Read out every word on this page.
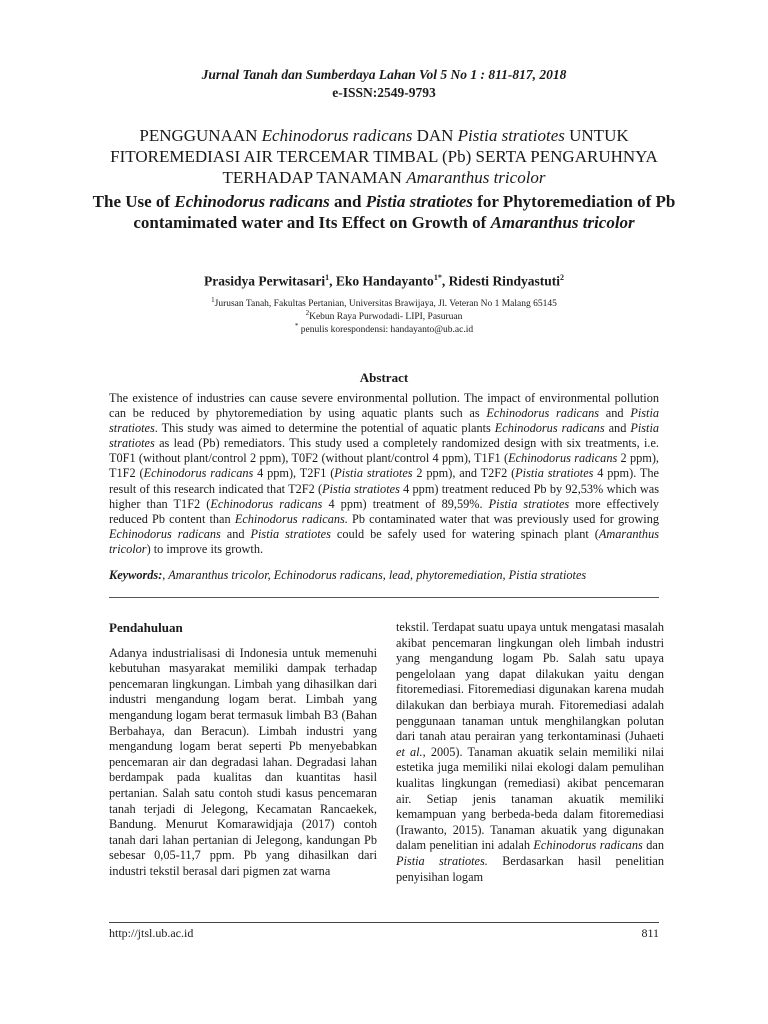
Jurnal Tanah dan Sumberdaya Lahan Vol 5 No 1 : 811-817, 2018
e-ISSN:2549-9793
PENGGUNAAN Echinodorus radicans DAN Pistia stratiotes UNTUK FITOREMEDIASI AIR TERCEMAR TIMBAL (Pb) SERTA PENGARUHNYA TERHADAP TANAMAN Amaranthus tricolor
The Use of Echinodorus radicans and Pistia stratiotes for Phytoremediation of Pb contamimated water and Its Effect on Growth of Amaranthus tricolor
Prasidya Perwitasari$^1$, Eko Handayanto$^{1*}$, Ridesti Rindyastuti$^2$
$^1$Jurusan Tanah, Fakultas Pertanian, Universitas Brawijaya, Jl. Veteran No 1 Malang 65145
$^2$Kebun Raya Purwodadi- LIPI, Pasuruan
* penulis korespondensi: handayanto@ub.ac.id
Abstract
The existence of industries can cause severe environmental pollution. The impact of environmental pollution can be reduced by phytoremediation by using aquatic plants such as Echinodorus radicans and Pistia stratiotes. This study was aimed to determine the potential of aquatic plants Echinodorus radicans and Pistia stratiotes as lead (Pb) remediators. This study used a completely randomized design with six treatments, i.e. T0F1 (without plant/control 2 ppm), T0F2 (without plant/control 4 ppm), T1F1 (Echinodorus radicans 2 ppm), T1F2 (Echinodorus radicans 4 ppm), T2F1 (Pistia stratiotes 2 ppm), and T2F2 (Pistia stratiotes 4 ppm). The result of this research indicated that T2F2 (Pistia stratiotes 4 ppm) treatment reduced Pb by 92,53% which was higher than T1F2 (Echinodorus radicans 4 ppm) treatment of 89,59%. Pistia stratiotes more effectively reduced Pb content than Echinodorus radicans. Pb contaminated water that was previously used for growing Echinodorus radicans and Pistia stratiotes could be safely used for watering spinach plant (Amaranthus tricolor) to improve its growth.
Keywords:, Amaranthus tricolor, Echinodorus radicans, lead, phytoremediation, Pistia stratiotes
Pendahuluan

Adanya industrialisasi di Indonesia untuk memenuhi kebutuhan masyarakat memiliki dampak terhadap pencemaran lingkungan. Limbah yang dihasilkan dari industri mengandung logam berat. Limbah yang mengandung logam berat termasuk limbah B3 (Bahan Berbahaya, dan Beracun). Limbah industri yang mengandung logam berat seperti Pb menyebabkan pencemaran air dan degradasi lahan. Degradasi lahan berdampak pada kualitas dan kuantitas hasil pertanian. Salah satu contoh studi kasus pencemaran tanah terjadi di Jelegong, Kecamatan Rancaekek, Bandung. Menurut Komarawidjaja (2017) contoh tanah dari lahan pertanian di Jelegong, kandungan Pb sebesar 0,05-11,7 ppm. Pb yang dihasilkan dari industri tekstil berasal dari pigmen zat warna

tekstil. Terdapat suatu upaya untuk mengatasi masalah akibat pencemaran lingkungan oleh limbah industri yang mengandung logam Pb. Salah satu upaya pengelolaan yang dapat dilakukan yaitu dengan fitoremediasi. Fitoremediasi digunakan karena mudah dilakukan dan berbiaya murah. Fitoremediasi adalah penggunaan tanaman untuk menghilangkan polutan dari tanah atau perairan yang terkontaminasi (Juhaeti et al., 2005). Tanaman akuatik selain memiliki nilai estetika juga memiliki nilai ekologi dalam pemulihan kualitas lingkungan (remediasi) akibat pencemaran air. Setiap jenis tanaman akuatik memiliki kemampuan yang berbeda-beda dalam fitoremediasi (Irawanto, 2015). Tanaman akuatik yang digunakan dalam penelitian ini adalah Echinodorus radicans dan Pistia stratiotes. Berdasarkan hasil penelitian penyisihan logam

http://jtsl.ub.ac.id	811
